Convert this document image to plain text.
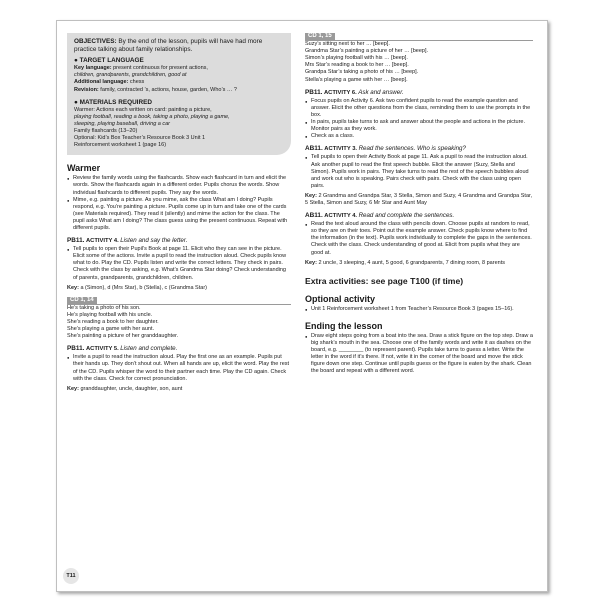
OBJECTIVES: By the end of the lesson, pupils will have had more practice talking about family relationships.

● TARGET LANGUAGE

Key language: present continuous for present actions,

children, grandparents, grandchildren, good at

Additional language: chess

Revision: family, contracted ’s, actions, house, garden, Who’s … ?

● MATERIALS REQUIRED

Warmer: Actions each written on card: painting a picture,

playing football, reading a book, taking a photo, playing a game,

sleeping, playing baseball, driving a car

Family flashcards (13–20)

Optional: Kid’s Box Teacher’s Resource Book 3 Unit 1

Reinforcement worksheet 1 (page 16)

Warmer

● Review the family words using the flashcards. Show each flashcard in turn and elicit the words. Show the flashcards again in a different order. Pupils chorus the words. Show individual flashcards to different pupils. They say the words.

● Mime, e.g. painting a picture. As you mime, ask the class What am I doing? Pupils respond, e.g. You’re painting a picture. Pupils come up in turn and take one of the cards (see Materials required). They read it (silently) and mime the action for the class. The pupil asks What am I doing? The class guess using the present continuous. Repeat with different pupils.

PB11. ACTIVITY 4. Listen and say the letter.

● Tell pupils to open their Pupil’s Book at page 11. Elicit who they can see in the picture. Elicit some of the actions. Invite a pupil to read the instruction aloud. Check pupils know what to do. Play the CD. Pupils listen and write the correct letters. They check in pairs. Check with the class by asking, e.g. What’s Grandma Star doing? Check understanding of parents, grandparents, grandchildren, children.

Key: a (Simon), d (Mrs Star), b (Stella), c (Grandma Star)

CD 1, 14

He’s taking a photo of his son.

He’s playing football with his uncle.

She’s reading a book to her daughter.

She’s playing a game with her aunt.

She’s painting a picture of her granddaughter.

PB11. ACTIVITY 5. Listen and complete.

● Invite a pupil to read the instruction aloud. Play the first one as an example. Pupils put their hands up. They don’t shout out. When all hands are up, elicit the word. Play the rest of the CD. Pupils whisper the word to their partner each time. Play the CD again. Check with the class. Check for correct pronunciation.

Key: granddaughter, uncle, daughter, son, aunt

CD 1, 15

Suzy’s sitting next to her … [beep].

Grandma Star’s painting a picture of her … [beep].

Simon’s playing football with his … [beep].

Mrs Star’s reading a book to her … [beep].

Grandpa Star’s taking a photo of his … [beep].

Stella’s playing a game with her … [beep].

PB11. ACTIVITY 6. Ask and answer.

● Focus pupils on Activity 6. Ask two confident pupils to read the example question and answer. Elicit the other questions from the class, reminding them to use the prompts in the box.

● In pairs, pupils take turns to ask and answer about the people and actions in the picture. Monitor pairs as they work.

● Check as a class.

AB11. ACTIVITY 3. Read the sentences. Who is speaking?

● Tell pupils to open their Activity Book at page 11. Ask a pupil to read the instruction aloud. Ask another pupil to read the first speech bubble. Elicit the answer (Suzy, Stella and Simon). Pupils work in pairs. They take turns to read the rest of the speech bubbles aloud and work out who is speaking. Pairs check with pairs. Check with the class using open pairs.

Key: 2 Grandma and Grandpa Star, 3 Stella, Simon and Suzy, 4 Grandma and Grandpa Star, 5 Stella, Simon and Suzy, 6 Mr Star and Aunt May

AB11. ACTIVITY 4. Read and complete the sentences.

● Read the text aloud around the class with pencils down. Choose pupils at random to read, so they are on their toes. Point out the example answer. Check pupils know where to find the information (in the text). Pupils work individually to complete the gaps in the sentences. Check with the class. Check understanding of good at. Elicit from pupils what they are good at.

Key: 2 uncle, 3 sleeping, 4 aunt, 5 good, 6 grandparents, 7 dining room, 8 parents

Extra activities: see page T100 (if time)
Optional activity

● Unit 1 Reinforcement worksheet 1 from Teacher’s Resource Book 3 (pages 15–16).

Ending the lesson

● Draw eight steps going from a boat into the sea. Draw a stick figure on the top step. Draw a big shark’s mouth in the sea. Choose one of the family words and write it as dashes on the board, e.g. ________ (to represent parent). Pupils take turns to guess a letter. Write the letter in the word if it’s there. If not, write it in the corner of the board and move the stick figure down one step. Continue until pupils guess or the figure is eaten by the shark. Clean the board and repeat with a different word.

T11
